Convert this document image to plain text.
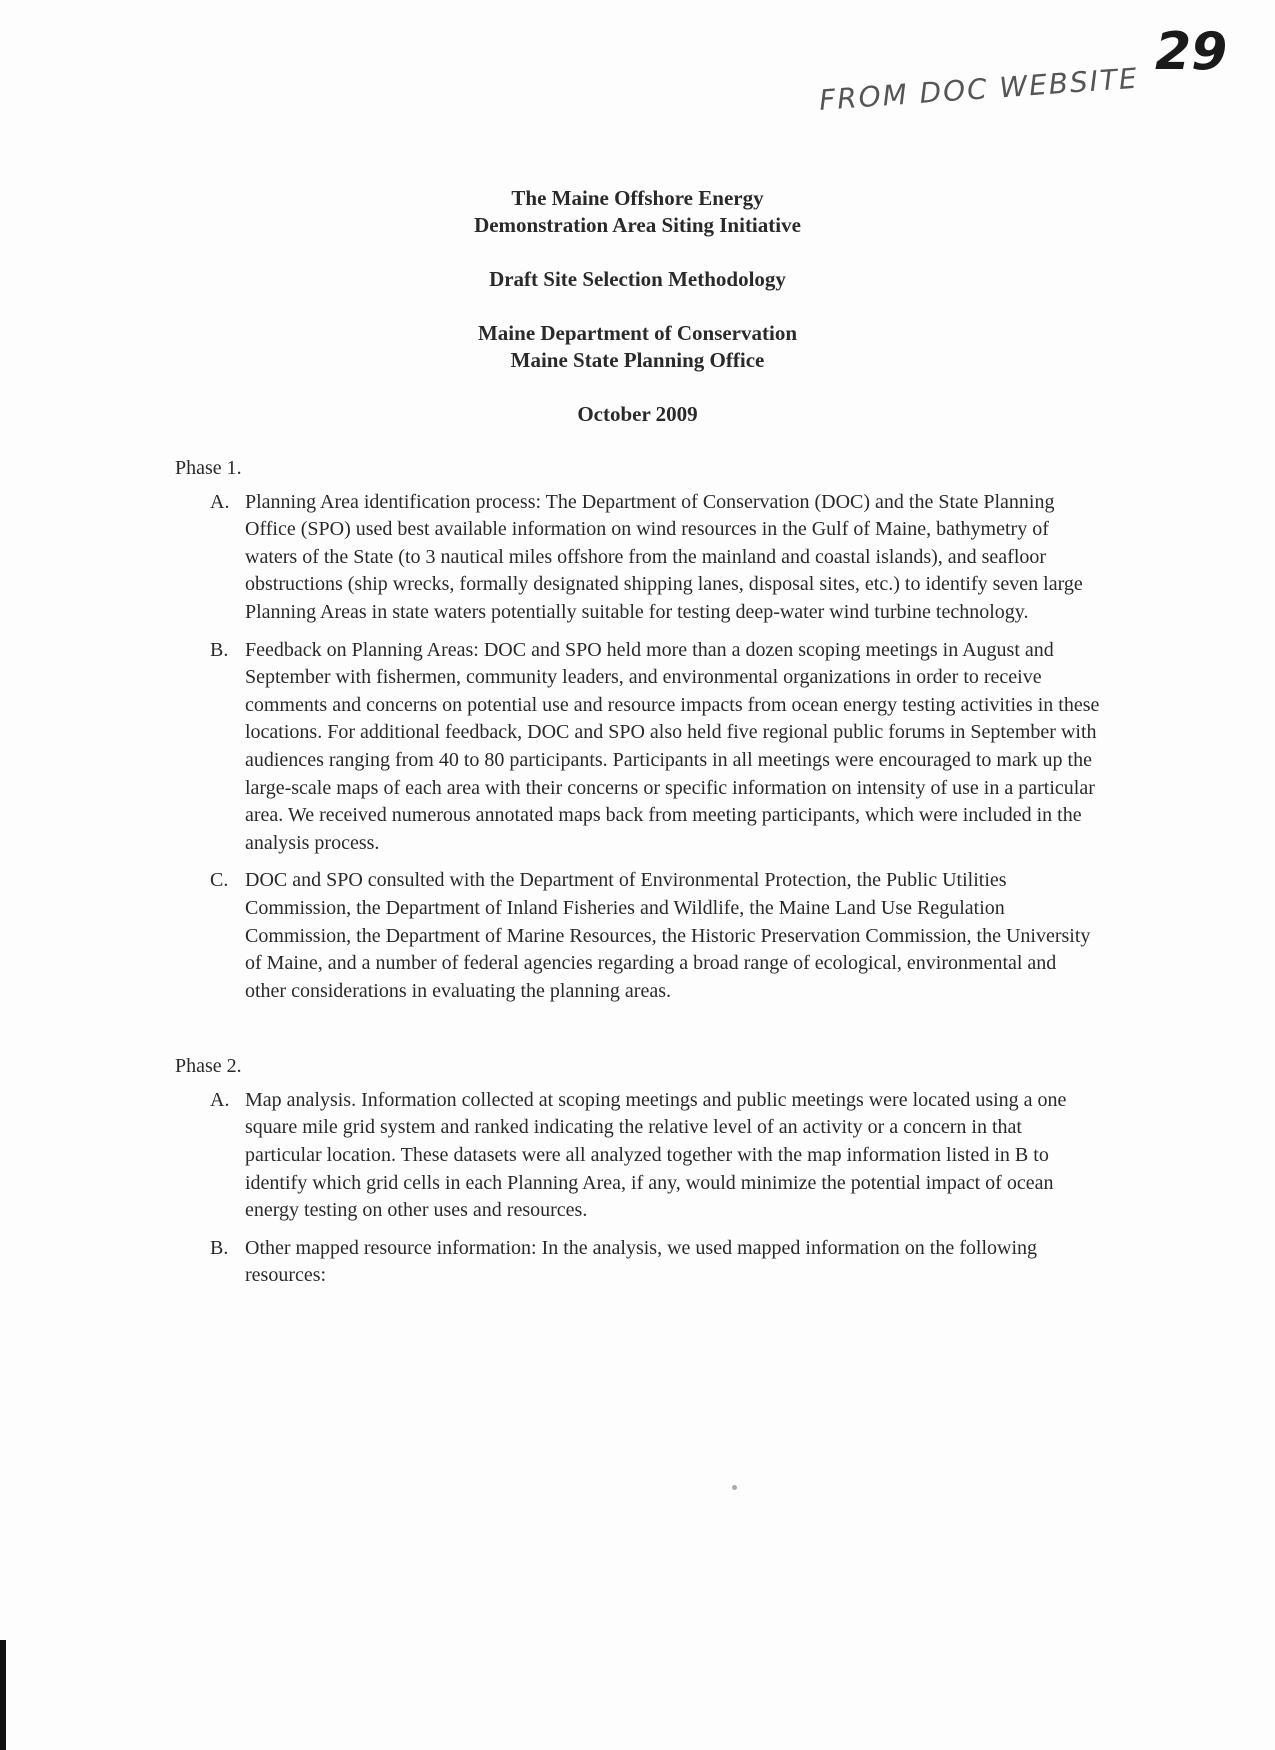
FROM DOC WEBSITE
29

The Maine Offshore Energy
Demonstration Area Siting Initiative

Draft Site Selection Methodology

Maine Department of Conservation
Maine State Planning Office

October 2009

Phase 1.

A. Planning Area identification process: The Department of Conservation (DOC) and the State Planning Office (SPO) used best available information on wind resources in the Gulf of Maine, bathymetry of waters of the State (to 3 nautical miles offshore from the mainland and coastal islands), and seafloor obstructions (ship wrecks, formally designated shipping lanes, disposal sites, etc.) to identify seven large Planning Areas in state waters potentially suitable for testing deep-water wind turbine technology.
B. Feedback on Planning Areas: DOC and SPO held more than a dozen scoping meetings in August and September with fishermen, community leaders, and environmental organizations in order to receive comments and concerns on potential use and resource impacts from ocean energy testing activities in these locations. For additional feedback, DOC and SPO also held five regional public forums in September with audiences ranging from 40 to 80 participants. Participants in all meetings were encouraged to mark up the large-scale maps of each area with their concerns or specific information on intensity of use in a particular area. We received numerous annotated maps back from meeting participants, which were included in the analysis process.
C. DOC and SPO consulted with the Department of Environmental Protection, the Public Utilities Commission, the Department of Inland Fisheries and Wildlife, the Maine Land Use Regulation Commission, the Department of Marine Resources, the Historic Preservation Commission, the University of Maine, and a number of federal agencies regarding a broad range of ecological, environmental and other considerations in evaluating the planning areas.

Phase 2.

A. Map analysis. Information collected at scoping meetings and public meetings were located using a one square mile grid system and ranked indicating the relative level of an activity or a concern in that particular location. These datasets were all analyzed together with the map information listed in B to identify which grid cells in each Planning Area, if any, would minimize the potential impact of ocean energy testing on other uses and resources.
B. Other mapped resource information: In the analysis, we used mapped information on the following resources:
